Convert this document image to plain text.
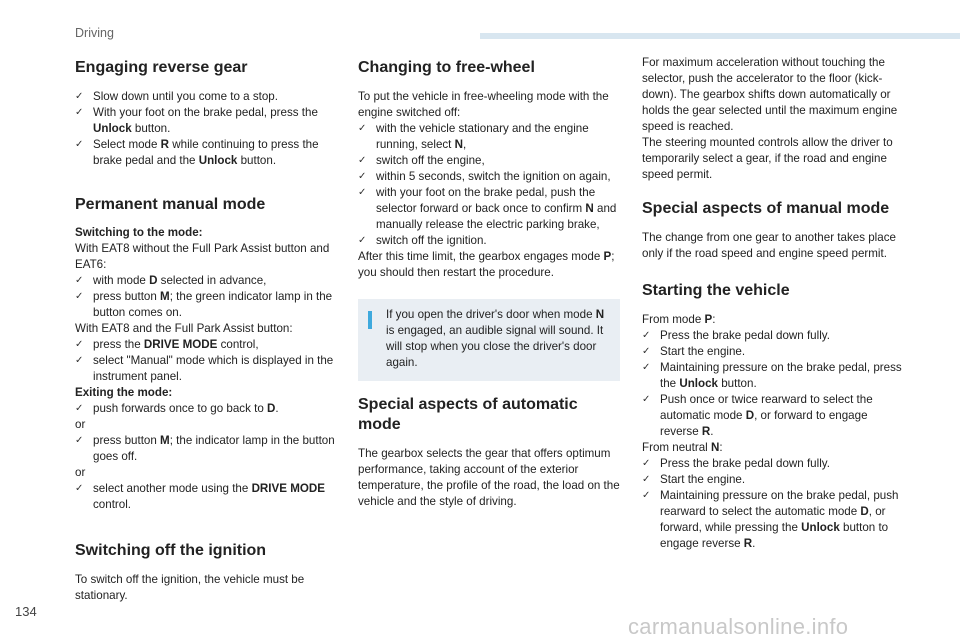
Driving
Engaging reverse gear
✓ Slow down until you come to a stop.
✓ With your foot on the brake pedal, press the Unlock button.
✓ Select mode R while continuing to press the brake pedal and the Unlock button.
Permanent manual mode

Switching to the mode:

With EAT8 without the Full Park Assist button and EAT6:

✓ with mode D selected in advance,
✓ press button M; the green indicator lamp in the button comes on.

With EAT8 and the Full Park Assist button:

✓ press the DRIVE MODE control,
✓ select "Manual" mode which is displayed in the instrument panel.

Exiting the mode:

✓ push forwards once to go back to D.

or

✓ press button M; the indicator lamp in the button goes off.

or

✓ select another mode using the DRIVE MODE control.
Switching off the ignition

To switch off the ignition, the vehicle must be stationary.

Changing to free-wheel

To put the vehicle in free-wheeling mode with the engine switched off:

✓ with the vehicle stationary and the engine running, select N,
✓ switch off the engine,
✓ within 5 seconds, switch the ignition on again,
✓ with your foot on the brake pedal, push the selector forward or back once to confirm N and manually release the electric parking brake,
✓ switch off the ignition.

After this time limit, the gearbox engages mode P; you should then restart the procedure.

If you open the driver's door when mode N is engaged, an audible signal will sound. It will stop when you close the driver's door again.
Special aspects of automatic mode

The gearbox selects the gear that offers optimum performance, taking account of the exterior temperature, the profile of the road, the load on the vehicle and the style of driving.

For maximum acceleration without touching the selector, push the accelerator to the floor (kick-down). The gearbox shifts down automatically or holds the gear selected until the maximum engine speed is reached.

The steering mounted controls allow the driver to temporarily select a gear, if the road and engine speed permit.

Special aspects of manual mode

The change from one gear to another takes place only if the road speed and engine speed permit.

Starting the vehicle

From mode P:

✓ Press the brake pedal down fully.
✓ Start the engine.
✓ Maintaining pressure on the brake pedal, press the Unlock button.
✓ Push once or twice rearward to select the automatic mode D, or forward to engage reverse R.

From neutral N:

✓ Press the brake pedal down fully.
✓ Start the engine.
✓ Maintaining pressure on the brake pedal, push rearward to select the automatic mode D, or forward, while pressing the Unlock button to engage reverse R.
134
carmanualsonline.info
